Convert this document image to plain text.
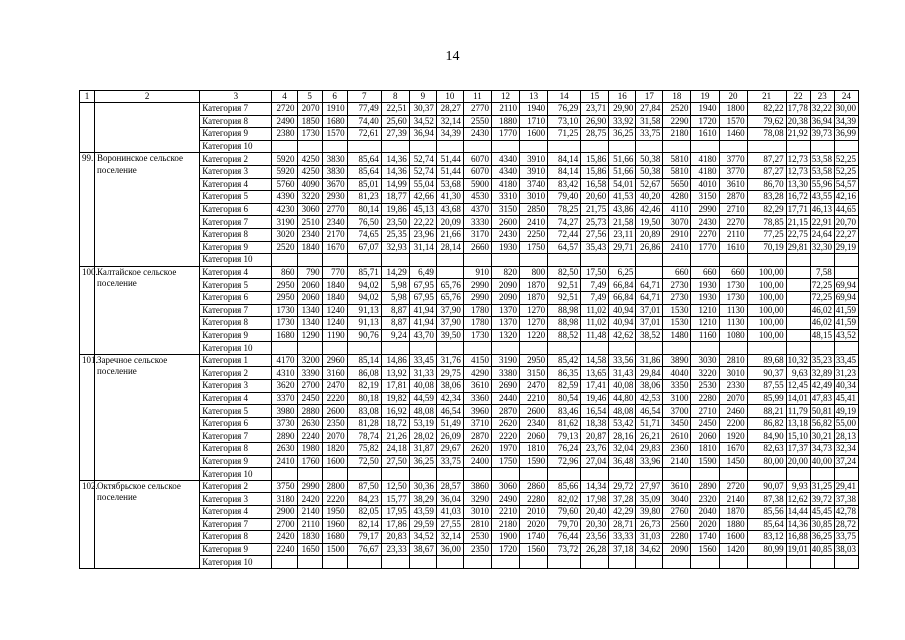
14
1	2	3	4	5	6	7	8	9	10	11	12	13	14	15	16	17	18	19	20	21	22	23	24
		Категория 7	2720	2070	1910	77,49	22,51	30,37	28,27	2770	2110	1940	76,29	23,71	29,90	27,84	2520	1940	1800	82,22	17,78	32,22	30,00
		Категория 8	2490	1850	1680	74,40	25,60	34,52	32,14	2550	1880	1710	73,10	26,90	33,92	31,58	2290	1720	1570	79,62	20,38	36,94	34,39
		Категория 9	2380	1730	1570	72,61	27,39	36,94	34,39	2430	1770	1600	71,25	28,75	36,25	33,75	2180	1610	1460	78,08	21,92	39,73	36,99
		Категория 10																					
99.	Воронинское сельское поселение	Категория 2	5920	4250	3830	85,64	14,36	52,74	51,44	6070	4340	3910	84,14	15,86	51,66	50,38	5810	4180	3770	87,27	12,73	53,58	52,25
		Категория 3	5920	4250	3830	85,64	14,36	52,74	51,44	6070	4340	3910	84,14	15,86	51,66	50,38	5810	4180	3770	87,27	12,73	53,58	52,25
		Категория 4	5760	4090	3670	85,01	14,99	55,04	53,68	5900	4180	3740	83,42	16,58	54,01	52,67	5650	4010	3610	86,70	13,30	55,96	54,57
		Категория 5	4390	3220	2930	81,23	18,77	42,66	41,30	4530	3310	3010	79,40	20,60	41,53	40,20	4280	3150	2870	83,28	16,72	43,55	42,16
		Категория 6	4230	3060	2770	80,14	19,86	45,13	43,68	4370	3150	2850	78,25	21,75	43,86	42,46	4110	2990	2710	82,29	17,71	46,13	44,65
		Категория 7	3190	2510	2340	76,50	23,50	22,22	20,09	3330	2600	2410	74,27	25,73	21,58	19,50	3070	2430	2270	78,85	21,15	22,91	20,70
		Категория 8	3020	2340	2170	74,65	25,35	23,96	21,66	3170	2430	2250	72,44	27,56	23,11	20,89	2910	2270	2110	77,25	22,75	24,64	22,27
		Категория 9	2520	1840	1670	67,07	32,93	31,14	28,14	2660	1930	1750	64,57	35,43	29,71	26,86	2410	1770	1610	70,19	29,81	32,30	29,19
		Категория 10																					
100.	Калтайское сельское поселение	Категория 4	860	790	770	85,71	14,29	6,49		910	820	800	82,50	17,50	6,25		660	660	660	100,00		7,58	
		Категория 5	2950	2060	1840	94,02	5,98	67,95	65,76	2990	2090	1870	92,51	7,49	66,84	64,71	2730	1930	1730	100,00		72,25	69,94
		Категория 6	2950	2060	1840	94,02	5,98	67,95	65,76	2990	2090	1870	92,51	7,49	66,84	64,71	2730	1930	1730	100,00		72,25	69,94
		Категория 7	1730	1340	1240	91,13	8,87	41,94	37,90	1780	1370	1270	88,98	11,02	40,94	37,01	1530	1210	1130	100,00		46,02	41,59
		Категория 8	1730	1340	1240	91,13	8,87	41,94	37,90	1780	1370	1270	88,98	11,02	40,94	37,01	1530	1210	1130	100,00		46,02	41,59
		Категория 9	1680	1290	1190	90,76	9,24	43,70	39,50	1730	1320	1220	88,52	11,48	42,62	38,52	1480	1160	1080	100,00		48,15	43,52
		Категория 10																					
101.	Заречное сельское поселение	Категория 1	4170	3200	2960	85,14	14,86	33,45	31,76	4150	3190	2950	85,42	14,58	33,56	31,86	3890	3030	2810	89,68	10,32	35,23	33,45
		Категория 2	4310	3390	3160	86,08	13,92	31,33	29,75	4290	3380	3150	86,35	13,65	31,43	29,84	4040	3220	3010	90,37	9,63	32,89	31,23
		Категория 3	3620	2700	2470	82,19	17,81	40,08	38,06	3610	2690	2470	82,59	17,41	40,08	38,06	3350	2530	2330	87,55	12,45	42,49	40,34
		Категория 4	3370	2450	2220	80,18	19,82	44,59	42,34	3360	2440	2210	80,54	19,46	44,80	42,53	3100	2280	2070	85,99	14,01	47,83	45,41
		Категория 5	3980	2880	2600	83,08	16,92	48,08	46,54	3960	2870	2600	83,46	16,54	48,08	46,54	3700	2710	2460	88,21	11,79	50,81	49,19
		Категория 6	3730	2630	2350	81,28	18,72	53,19	51,49	3710	2620	2340	81,62	18,38	53,42	51,71	3450	2450	2200	86,82	13,18	56,82	55,00
		Категория 7	2890	2240	2070	78,74	21,26	28,02	26,09	2870	2220	2060	79,13	20,87	28,16	26,21	2610	2060	1920	84,90	15,10	30,21	28,13
		Категория 8	2630	1980	1820	75,82	24,18	31,87	29,67	2620	1970	1810	76,24	23,76	32,04	29,83	2360	1810	1670	82,63	17,37	34,73	32,34
		Категория 9	2410	1760	1600	72,50	27,50	36,25	33,75	2400	1750	1590	72,96	27,04	36,48	33,96	2140	1590	1450	80,00	20,00	40,00	37,24
		Категория 10																					
102.	Октябрьское сельское поселение	Категория 2	3750	2990	2800	87,50	12,50	30,36	28,57	3860	3060	2860	85,66	14,34	29,72	27,97	3610	2890	2720	90,07	9,93	31,25	29,41
		Категория 3	3180	2420	2220	84,23	15,77	38,29	36,04	3290	2490	2280	82,02	17,98	37,28	35,09	3040	2320	2140	87,38	12,62	39,72	37,38
		Категория 4	2900	2140	1950	82,05	17,95	43,59	41,03	3010	2210	2010	79,60	20,40	42,29	39,80	2760	2040	1870	85,56	14,44	45,45	42,78
		Категория 7	2700	2110	1960	82,14	17,86	29,59	27,55	2810	2180	2020	79,70	20,30	28,71	26,73	2560	2020	1880	85,64	14,36	30,85	28,72
		Категория 8	2420	1830	1680	79,17	20,83	34,52	32,14	2530	1900	1740	76,44	23,56	33,33	31,03	2280	1740	1600	83,12	16,88	36,25	33,75
		Категория 9	2240	1650	1500	76,67	23,33	38,67	36,00	2350	1720	1560	73,72	26,28	37,18	34,62	2090	1560	1420	80,99	19,01	40,85	38,03
		Категория 10																					
